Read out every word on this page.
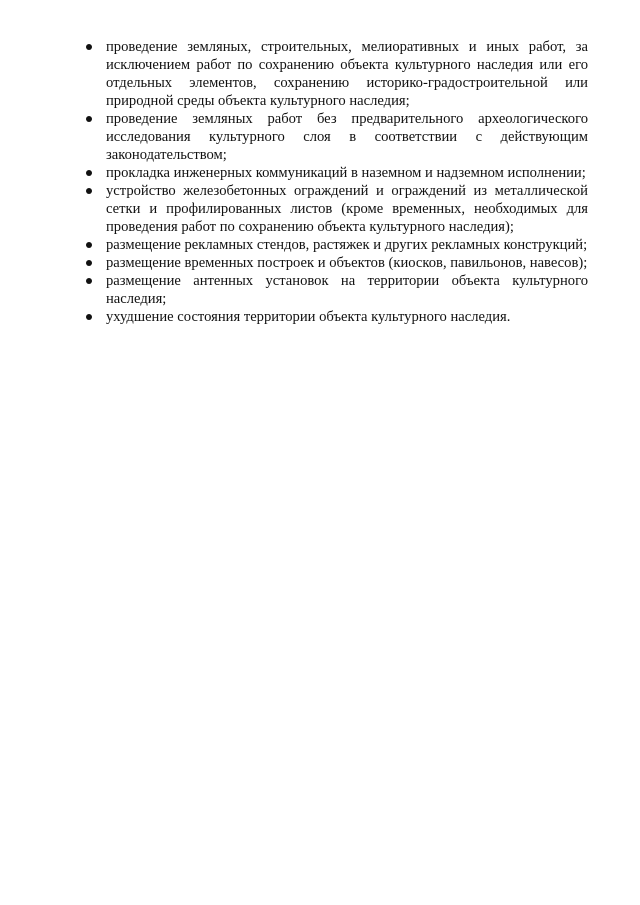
проведение земляных, строительных, мелиоративных и иных работ, за исключением работ по сохранению объекта культурного наследия или его отдельных элементов, сохранению историко-градостроительной или природной среды объекта культурного наследия;
проведение земляных работ без предварительного археологического исследования культурного слоя в соответствии с действующим законодательством;
прокладка инженерных коммуникаций в наземном и надземном исполнении;
устройство железобетонных ограждений и ограждений из металлической сетки и профилированных листов (кроме временных, необходимых для проведения работ по сохранению объекта культурного наследия);
размещение рекламных стендов, растяжек и других рекламных конструкций;
размещение временных построек и объектов (киосков, павильонов, навесов);
размещение антенных установок на территории объекта культурного наследия;
ухудшение состояния территории объекта культурного наследия.
